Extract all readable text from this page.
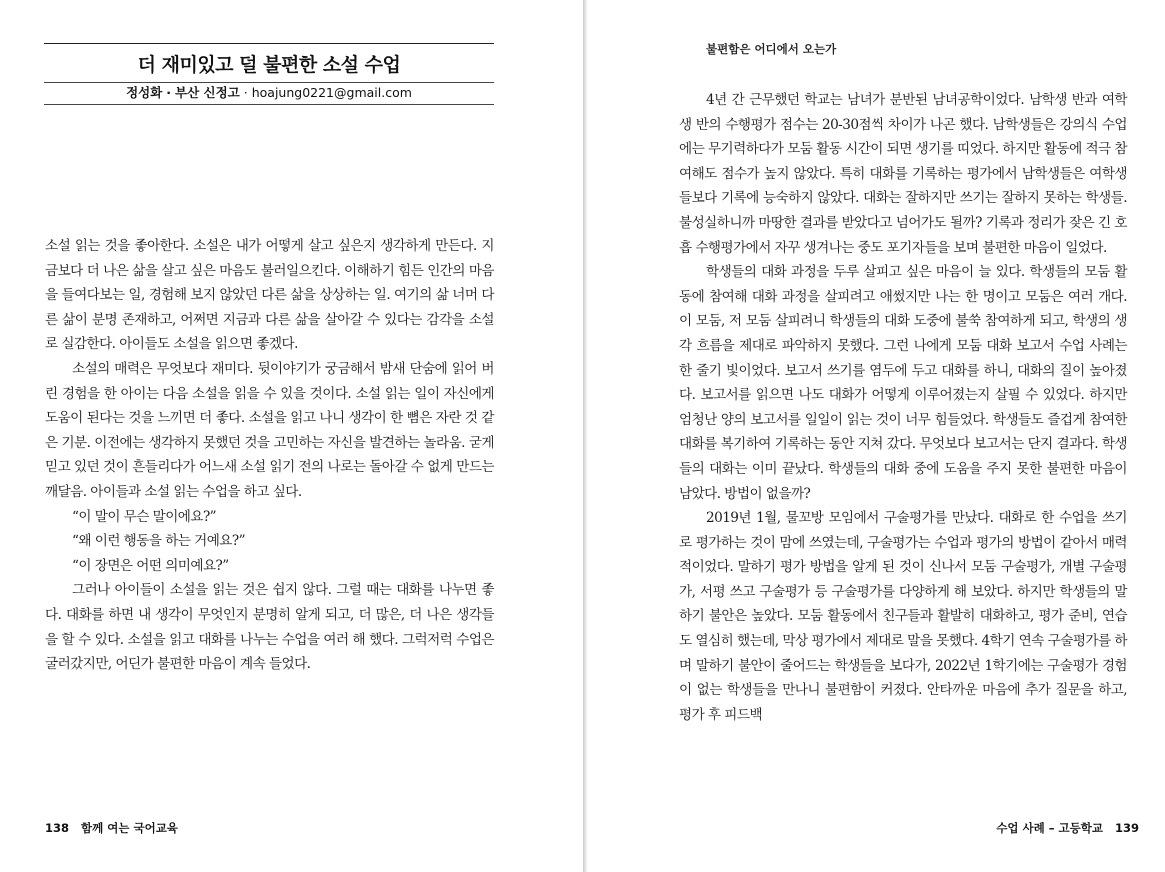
더 재미있고 덜 불편한 소설 수업
정성화 · 부산 신정고 · hoajung0221@gmail.com

소설 읽는 것을 좋아한다. 소설은 내가 어떻게 살고 싶은지 생각하게 만든다. 지금보다 더 나은 삶을 살고 싶은 마음도 불러일으킨다. 이해하기 힘든 인간의 마음을 들여다보는 일, 경험해 보지 않았던 다른 삶을 상상하는 일. 여기의 삶 너머 다른 삶이 분명 존재하고, 어쩌면 지금과 다른 삶을 살아갈 수 있다는 감각을 소설로 실감한다. 아이들도 소설을 읽으면 좋겠다.

소설의 매력은 무엇보다 재미다. 뒷이야기가 궁금해서 밤새 단숨에 읽어 버린 경험을 한 아이는 다음 소설을 읽을 수 있을 것이다. 소설 읽는 일이 자신에게 도움이 된다는 것을 느끼면 더 좋다. 소설을 읽고 나니 생각이 한 뼘은 자란 것 같은 기분. 이전에는 생각하지 못했던 것을 고민하는 자신을 발견하는 놀라움. 굳게 믿고 있던 것이 흔들리다가 어느새 소설 읽기 전의 나로는 돌아갈 수 없게 만드는 깨달음. 아이들과 소설 읽는 수업을 하고 싶다.

“이 말이 무슨 말이에요?”

“왜 이런 행동을 하는 거예요?”

“이 장면은 어떤 의미예요?”

그러나 아이들이 소설을 읽는 것은 쉽지 않다. 그럴 때는 대화를 나누면 좋다. 대화를 하면 내 생각이 무엇인지 분명히 알게 되고, 더 많은, 더 나은 생각들을 할 수 있다. 소설을 읽고 대화를 나누는 수업을 여러 해 했다. 그럭저럭 수업은 굴러갔지만, 어딘가 불편한 마음이 계속 들었다.

138 함께 여는 국어교육
불편함은 어디에서 오는가

4년 간 근무했던 학교는 남녀가 분반된 남녀공학이었다. 남학생 반과 여학생 반의 수행평가 점수는 20-30점씩 차이가 나곤 했다. 남학생들은 강의식 수업에는 무기력하다가 모둠 활동 시간이 되면 생기를 띠었다. 하지만 활동에 적극 참여해도 점수가 높지 않았다. 특히 대화를 기록하는 평가에서 남학생들은 여학생들보다 기록에 능숙하지 않았다. 대화는 잘하지만 쓰기는 잘하지 못하는 학생들. 불성실하니까 마땅한 결과를 받았다고 넘어가도 될까? 기록과 정리가 잦은 긴 호흡 수행평가에서 자꾸 생겨나는 중도 포기자들을 보며 불편한 마음이 일었다.

학생들의 대화 과정을 두루 살피고 싶은 마음이 늘 있다. 학생들의 모둠 활동에 참여해 대화 과정을 살피려고 애썼지만 나는 한 명이고 모둠은 여러 개다. 이 모둠, 저 모둠 살피려니 학생들의 대화 도중에 불쑥 참여하게 되고, 학생의 생각 흐름을 제대로 파악하지 못했다. 그런 나에게 모둠 대화 보고서 수업 사례는 한 줄기 빛이었다. 보고서 쓰기를 염두에 두고 대화를 하니, 대화의 질이 높아졌다. 보고서를 읽으면 나도 대화가 어떻게 이루어졌는지 살필 수 있었다. 하지만 엄청난 양의 보고서를 일일이 읽는 것이 너무 힘들었다. 학생들도 즐겁게 참여한 대화를 복기하여 기록하는 동안 지쳐 갔다. 무엇보다 보고서는 단지 결과다. 학생들의 대화는 이미 끝났다. 학생들의 대화 중에 도움을 주지 못한 불편한 마음이 남았다. 방법이 없을까?

2019년 1월, 물꼬방 모임에서 구술평가를 만났다. 대화로 한 수업을 쓰기로 평가하는 것이 맘에 쓰였는데, 구술평가는 수업과 평가의 방법이 같아서 매력적이었다. 말하기 평가 방법을 알게 된 것이 신나서 모둠 구술평가, 개별 구술평가, 서평 쓰고 구술평가 등 구술평가를 다양하게 해 보았다. 하지만 학생들의 말하기 불안은 높았다. 모둠 활동에서 친구들과 활발히 대화하고, 평가 준비, 연습도 열심히 했는데, 막상 평가에서 제대로 말을 못했다. 4학기 연속 구술평가를 하며 말하기 불안이 줄어드는 학생들을 보다가, 2022년 1학기에는 구술평가 경험이 없는 학생들을 만나니 불편함이 커졌다. 안타까운 마음에 추가 질문을 하고, 평가 후 피드백

수업 사례 – 고등학교 139
